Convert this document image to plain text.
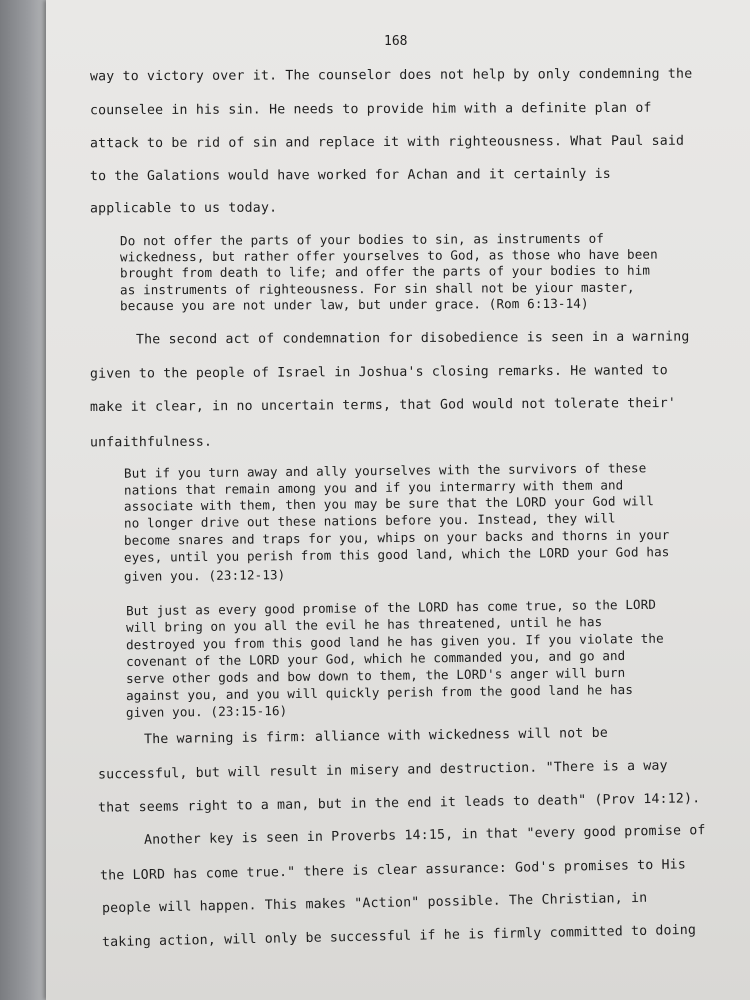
168
way to victory over it. The counselor does not help by only condemning the
counselee in his sin. He needs to provide him with a definite plan of
attack to be rid of sin and replace it with righteousness. What Paul said
to the Galations would have worked for Achan and it certainly is
applicable to us today.
Do not offer the parts of your bodies to sin, as instruments of
wickedness, but rather offer yourselves to God, as those who have been
brought from death to life; and offer the parts of your bodies to him
as instruments of righteousness. For sin shall not be yiour master,
because you are not under law, but under grace. (Rom 6:13-14)
The second act of condemnation for disobedience is seen in a warning
given to the people of Israel in Joshua's closing remarks. He wanted to
make it clear, in no uncertain terms, that God would not tolerate their'
unfaithfulness.
But if you turn away and ally yourselves with the survivors of these
nations that remain among you and if you intermarry with them and
associate with them, then you may be sure that the LORD your God will
no longer drive out these nations before you. Instead, they will
become snares and traps for you, whips on your backs and thorns in your
eyes, until you perish from this good land, which the LORD your God has
given you. (23:12-13)
But just as every good promise of the LORD has come true, so the LORD
will bring on you all the evil he has threatened, until he has
destroyed you from this good land he has given you. If you violate the
covenant of the LORD your God, which he commanded you, and go and
serve other gods and bow down to them, the LORD's anger will burn
against you, and you will quickly perish from the good land he has
given you. (23:15-16)
The warning is firm: alliance with wickedness will not be
successful, but will result in misery and destruction. "There is a way
that seems right to a man, but in the end it leads to death" (Prov 14:12).
Another key is seen in Proverbs 14:15, in that "every good promise of
the LORD has come true." there is clear assurance: God's promises to His
people will happen. This makes "Action" possible. The Christian, in
taking action, will only be successful if he is firmly committed to doing
